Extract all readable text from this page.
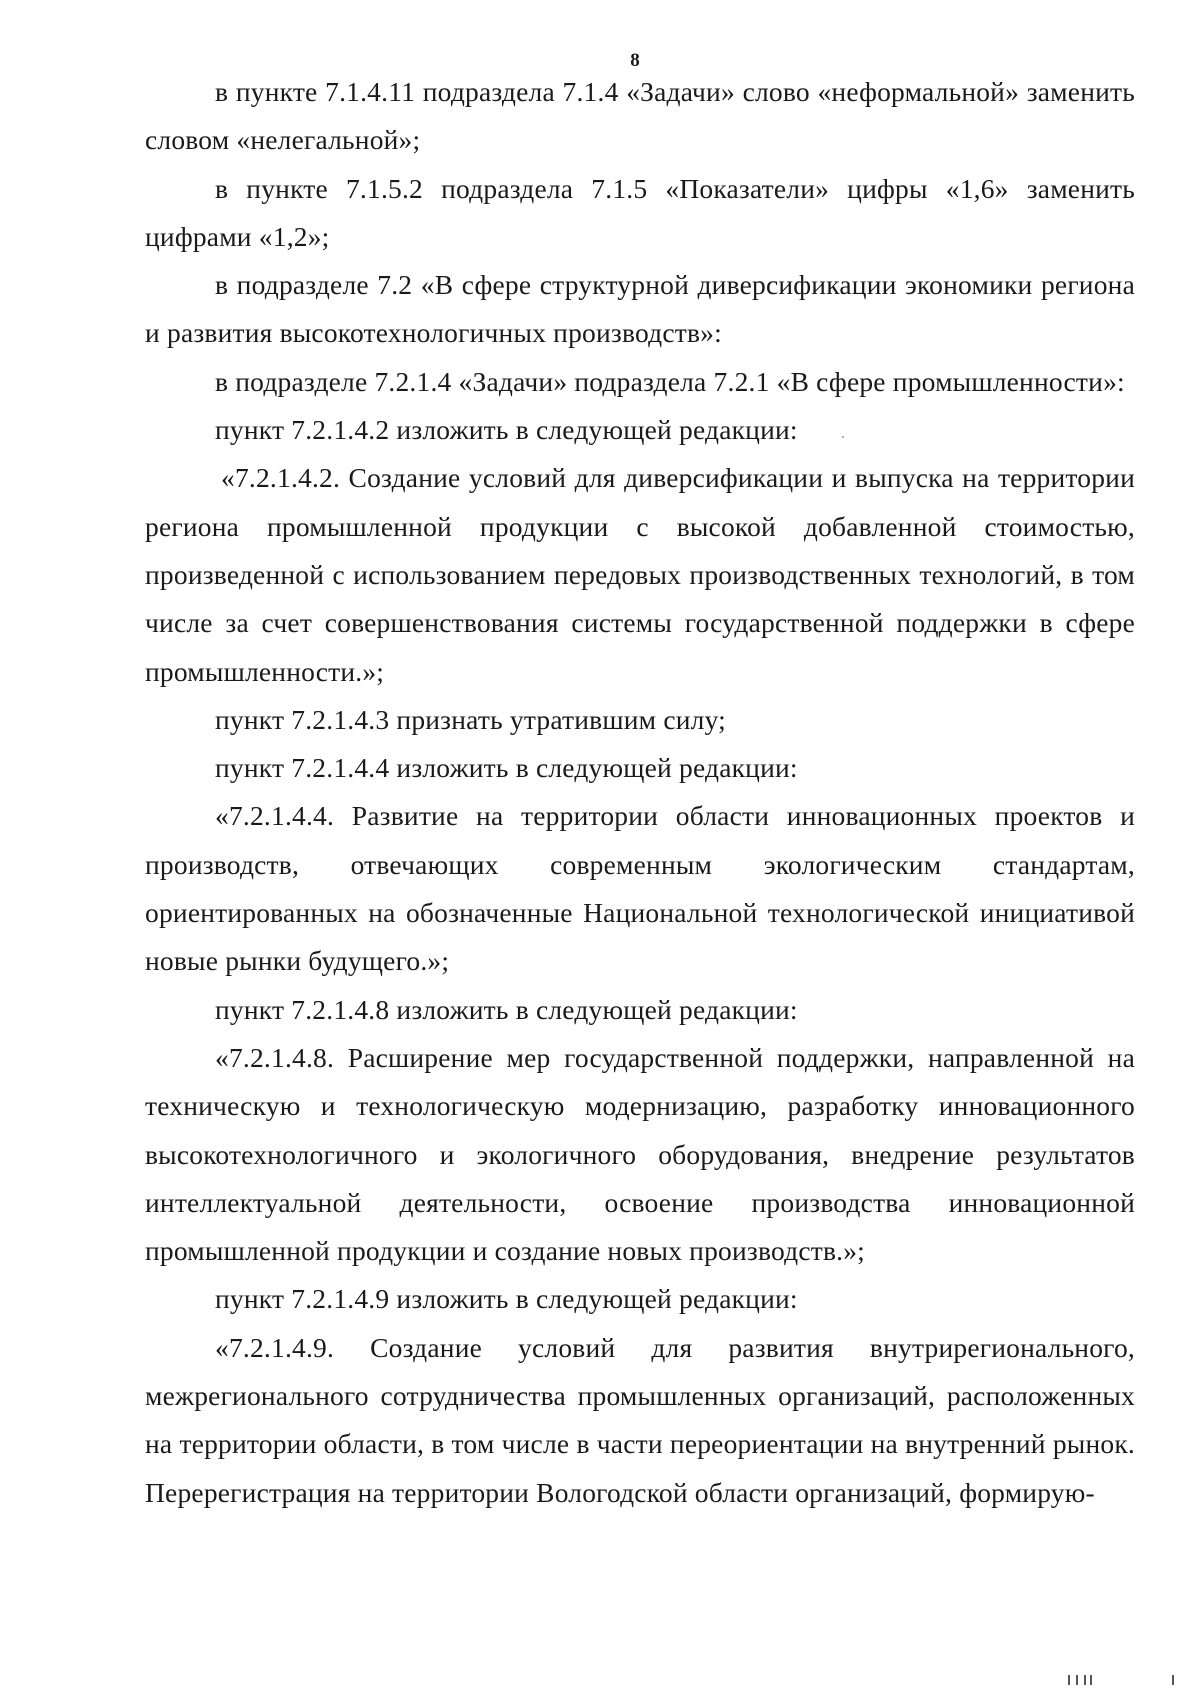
8

в пункте 7.1.4.11 подраздела 7.1.4 «Задачи» слово «неформальной» заменить словом «нелегальной»;

в пункте 7.1.5.2 подраздела 7.1.5 «Показатели» цифры «1,6» заменить цифрами «1,2»;

в подразделе 7.2 «В сфере структурной диверсификации экономики региона и развития высокотехнологичных производств»:

в подразделе 7.2.1.4 «Задачи» подраздела 7.2.1 «В сфере промышленности»:

пункт 7.2.1.4.2 изложить в следующей редакции:

«7.2.1.4.2. Создание условий для диверсификации и выпуска на территории региона промышленной продукции с высокой добавленной стоимостью, произведенной с использованием передовых производственных технологий, в том числе за счет совершенствования системы государственной поддержки в сфере промышленности.»;

пункт 7.2.1.4.3 признать утратившим силу;

пункт 7.2.1.4.4 изложить в следующей редакции:

«7.2.1.4.4. Развитие на территории области инновационных проектов и производств, отвечающих современным экологическим стандартам, ориентированных на обозначенные Национальной технологической инициативой новые рынки будущего.»;

пункт 7.2.1.4.8 изложить в следующей редакции:

«7.2.1.4.8. Расширение мер государственной поддержки, направленной на техническую и технологическую модернизацию, разработку инновационного высокотехнологичного и экологичного оборудования, внедрение результатов интеллектуальной деятельности, освоение производства инновационной промышленной продукции и создание новых производств.»;

пункт 7.2.1.4.9 изложить в следующей редакции:

«7.2.1.4.9. Создание условий для развития внутрирегионального, межрегионального сотрудничества промышленных организаций, расположенных на территории области, в том числе в части переориентации на внутренний рынок. Перерегистрация на территории Вологодской области организаций, формирую-
